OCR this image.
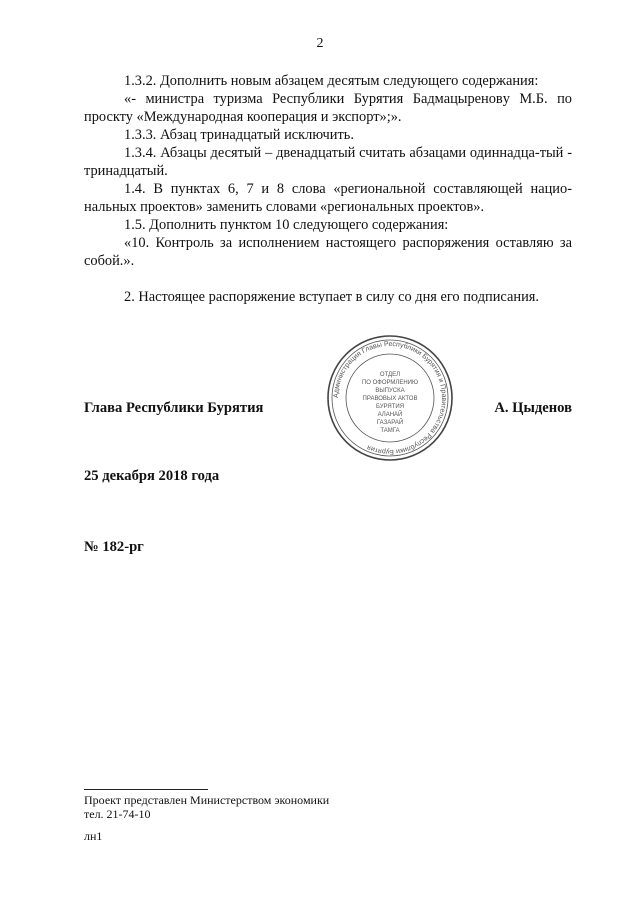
2

1.3.2. Дополнить новым абзацем десятым следующего содержания:

«- министра туризма Республики Бурятия Бадмацыреновy М.Б. по проскту «Международная кооперация и экспорт»;».

1.3.3. Абзац тринадцатый исключить.

1.3.4. Абзацы десятый – двенадцатый считать абзацами одиннадца-тый - тринадцатый.

1.4. В пунктах 6, 7 и 8 слова «региональной составляющей нацио-нальных проектов» заменить словами «региональных проектов».

1.5. Дополнить пунктом 10 следующего содержания:

«10. Контроль за исполнением настоящего распоряжения оставляю за собой.».

2. Настоящее распоряжение вступает в силу со дня его подписания.

Администрация Главы Республики Бурятия и Правительства Республики Бурятия
ОТДЕЛ
ПО ОФОРМЛЕНИЮ
ВЫПУСКА
ПРАВОВЫХ АКТОВ
БУРЯТИЯ
АЛАНАЙ
ГАЗАРАЙ
ТАМГА
Глава Республики Бурятия	А. Цыденов
25 декабря 2018 года
№ 182-рг
Проект представлен Министерством экономики
тел. 21-74-10
лн1
